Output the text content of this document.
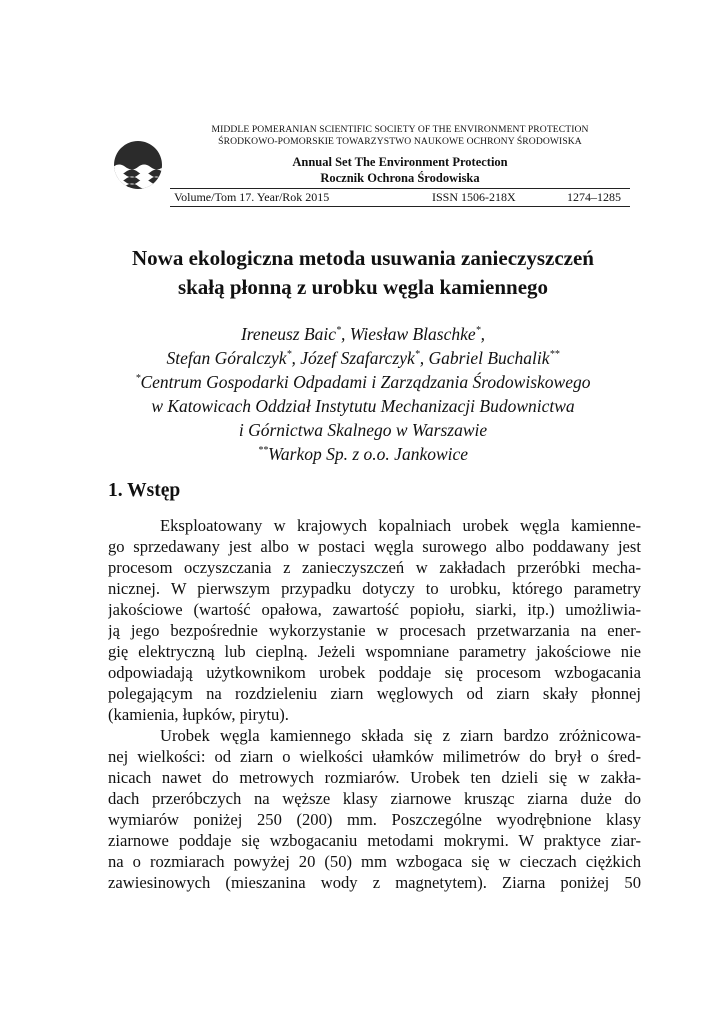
MIDDLE POMERANIAN SCIENTIFIC SOCIETY OF THE ENVIRONMENT PROTECTION
ŚRODKOWO-POMORSKIE TOWARZYSTWO NAUKOWE OCHRONY ŚRODOWISKA
Annual Set The Environment Protection
Rocznik Ochrona Środowiska
Volume/Tom 17. Year/Rok 2015	ISSN 1506-218X	1274–1285
Nowa ekologiczna metoda usuwania zanieczyszczeń
skałą płonną z urobku węgla kamiennego
Ireneusz Baic*, Wiesław Blaschke*,
Stefan Góralczyk*, Józef Szafarczyk*, Gabriel Buchalik**
*Centrum Gospodarki Odpadami i Zarządzania Środowiskowego
w Katowicach Oddział Instytutu Mechanizacji Budownictwa
i Górnictwa Skalnego w Warszawie
**Warkop Sp. z o.o. Jankowice
1. Wstęp
Eksploatowany w krajowych kopalniach urobek węgla kamienne-
go sprzedawany jest albo w postaci węgla surowego albo poddawany jest
procesom oczyszczania z zanieczyszczeń w zakładach przeróbki mecha-
nicznej. W pierwszym przypadku dotyczy to urobku, którego parametry
jakościowe (wartość opałowa, zawartość popiołu, siarki, itp.) umożliwia-
ją jego bezpośrednie wykorzystanie w procesach przetwarzania na ener-
gię elektryczną lub cieplną. Jeżeli wspomniane parametry jakościowe nie
odpowiadają użytkownikom urobek poddaje się procesom wzbogacania
polegającym na rozdzieleniu ziarn węglowych od ziarn skały płonnej
(kamienia, łupków, pirytu).
Urobek węgla kamiennego składa się z ziarn bardzo zróżnicowa-
nej wielkości: od ziarn o wielkości ułamków milimetrów do brył o śred-
nicach nawet do metrowych rozmiarów. Urobek ten dzieli się w zakła-
dach przeróbczych na węższe klasy ziarnowe krusząc ziarna duże do
wymiarów poniżej 250 (200) mm. Poszczególne wyodrębnione klasy
ziarnowe poddaje się wzbogacaniu metodami mokrymi. W praktyce ziar-
na o rozmiarach powyżej 20 (50) mm wzbogaca się w cieczach ciężkich
zawiesinowych (mieszanina wody z magnetytem). Ziarna poniżej 50
